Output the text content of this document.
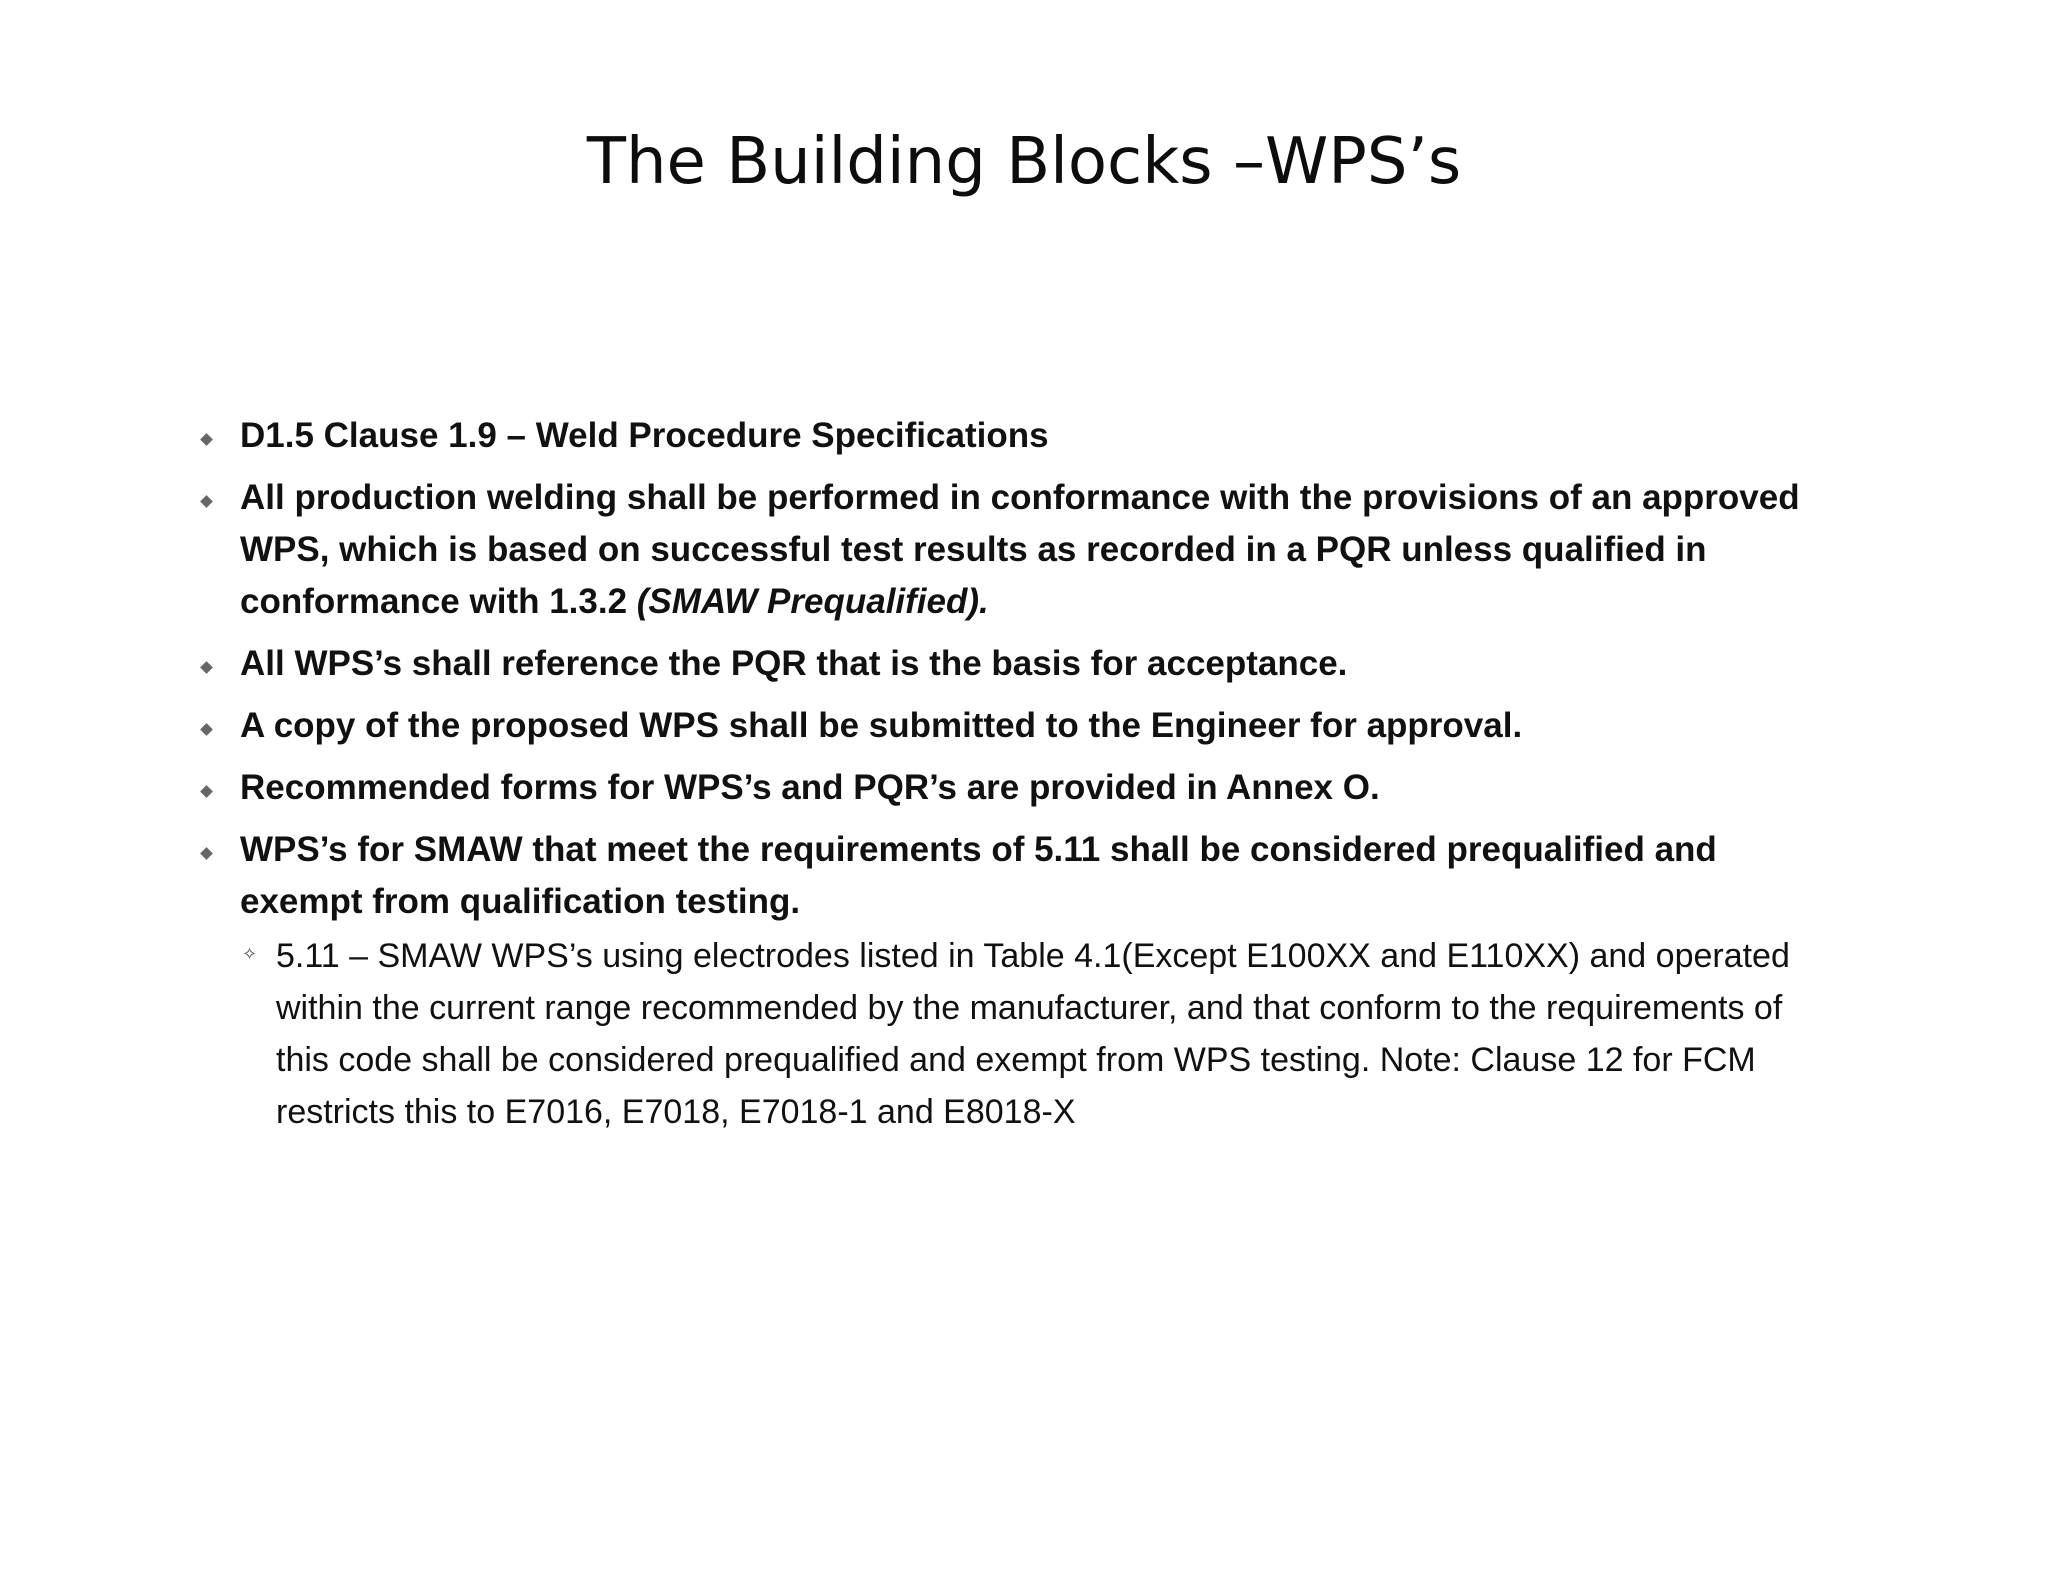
The Building Blocks –WPS’s
D1.5 Clause 1.9 – Weld Procedure Specifications
All production welding shall be performed in conformance with the provisions of an approved WPS, which is based on successful test results as recorded in a PQR unless qualified in conformance with 1.3.2 (SMAW Prequalified).
All WPS’s shall reference the PQR that is the basis for acceptance.
A copy of the proposed WPS shall be submitted to the Engineer for approval.
Recommended forms for WPS’s and PQR’s are provided in Annex O.
WPS’s for SMAW that meet the requirements of 5.11 shall be considered prequalified and exempt from qualification testing.
✧ 5.11 – SMAW WPS’s using electrodes listed in Table 4.1(Except E100XX and E110XX) and operated within the current range recommended by the manufacturer, and that conform to the requirements of this code shall be considered prequalified and exempt from WPS testing. Note: Clause 12 for FCM restricts this to E7016, E7018, E7018-1 and E8018-X
